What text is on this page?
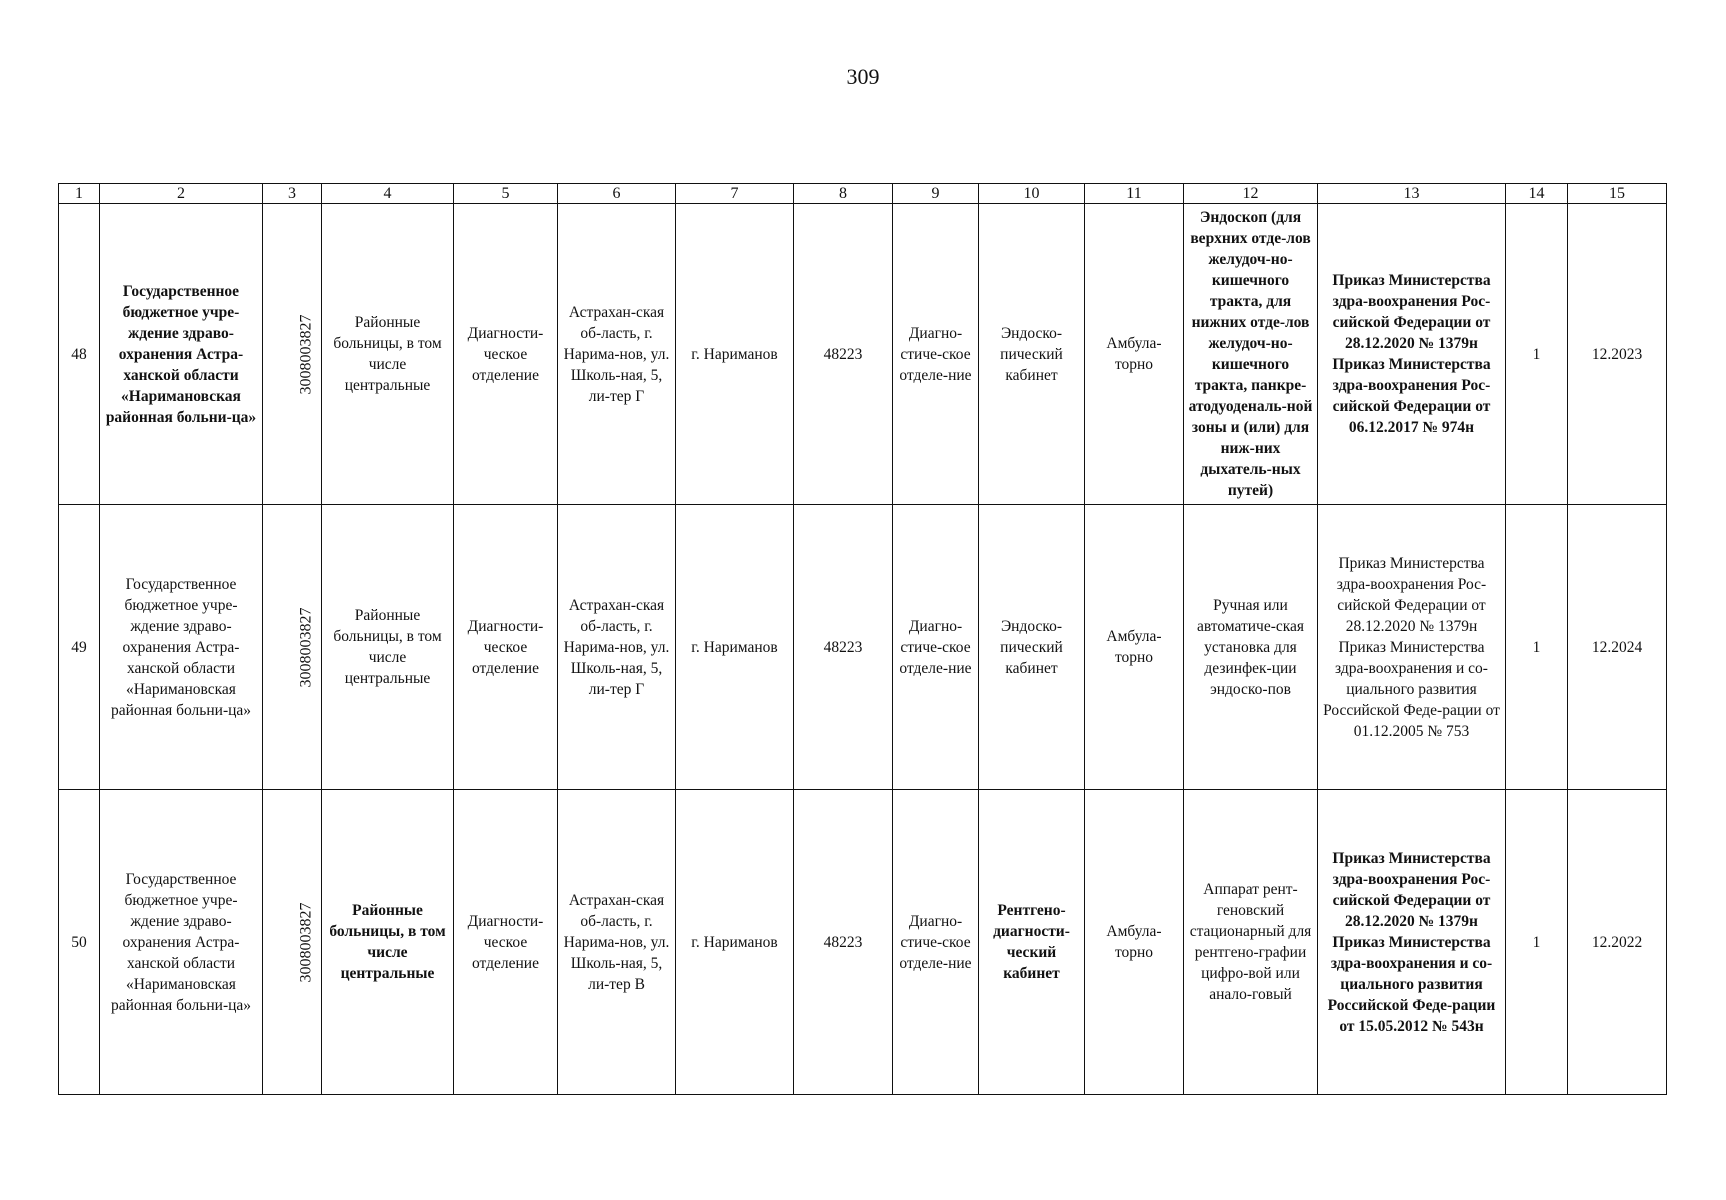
309
1	2	3	4	5	6	7	8	9	10	11	12	13	14	15
48	Государственное бюджетное учре-ждение здраво-охранения Астра-ханской области «Наримановская районная больни-ца»	3008003827	Районные больницы, в том числе центральные	Диагности-ческое отделение	Астрахан-ская об-ласть, г. Нарима-нов, ул. Школь-ная, 5, ли-тер Г	г. Нариманов	48223	Диагно-стиче-ское отделе-ние	Эндоско-пический кабинет	Амбула-торно	Эндоскоп (для верхних отде-лов желудоч-но-кишечного тракта, для нижних отде-лов желудоч-но-кишечного тракта, панкре-атодуоденаль-ной зоны и (или) для ниж-них дыхатель-ных путей)	Приказ Министерства здра-воохранения Рос-сийской Федерации от 28.12.2020 № 1379н Приказ Министерства здра-воохранения Рос-сийской Федерации от 06.12.2017 № 974н	1	12.2023
49	Государственное бюджетное учре-ждение здраво-охранения Астра-ханской области «Наримановская районная больни-ца»	3008003827	Районные больницы, в том числе центральные	Диагности-ческое отделение	Астрахан-ская об-ласть, г. Нарима-нов, ул. Школь-ная, 5, ли-тер Г	г. Нариманов	48223	Диагно-стиче-ское отделе-ние	Эндоско-пический кабинет	Амбула-торно	Ручная или автоматиче-ская установка для дезинфек-ции эндоско-пов	Приказ Министерства здра-воохранения Рос-сийской Федерации от 28.12.2020 № 1379н Приказ Министерства здра-воохранения и со-циального развития Российской Феде-рации от 01.12.2005 № 753	1	12.2024
50	Государственное бюджетное учре-ждение здраво-охранения Астра-ханской области «Наримановская районная больни-ца»	3008003827	Районные больницы, в том числе центральные	Диагности-ческое отделение	Астрахан-ская об-ласть, г. Нарима-нов, ул. Школь-ная, 5, ли-тер В	г. Нариманов	48223	Диагно-стиче-ское отделе-ние	Рентгено-диагности-ческий кабинет	Амбула-торно	Аппарат рент-геновский стационарный для рентгено-графии цифро-вой или анало-говый	Приказ Министерства здра-воохранения Рос-сийской Федерации от 28.12.2020 № 1379н Приказ Министерства здра-воохранения и со-циального развития Российской Феде-рации от 15.05.2012 № 543н	1	12.2022
